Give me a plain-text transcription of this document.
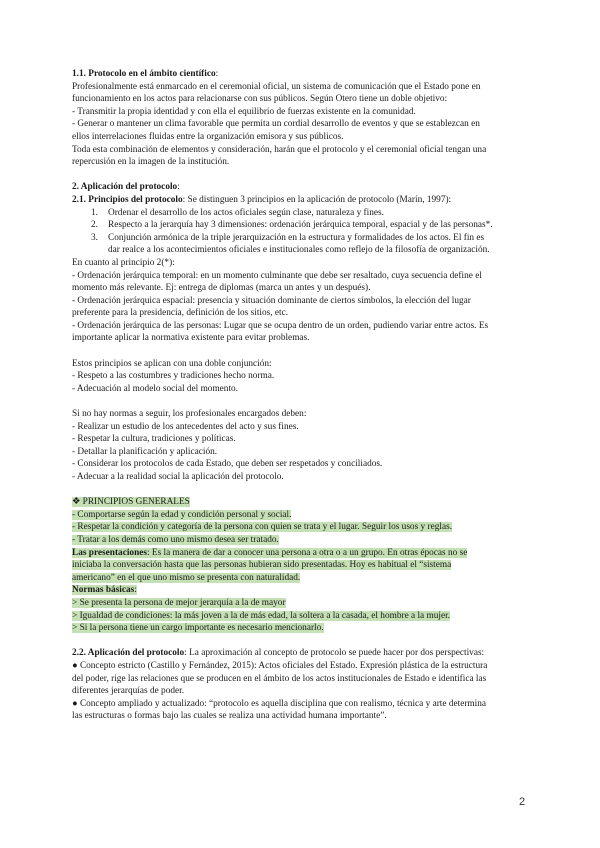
1.1. Protocolo en el ámbito científico:

Profesionalmente está enmarcado en el ceremonial oficial, un sistema de comunicación que el Estado pone en

funcionamiento en los actos para relacionarse con sus públicos. Según Otero tiene un doble objetivo:

- Transmitir la propia identidad y con ella el equilibrio de fuerzas existente en la comunidad.

- Generar o mantener un clima favorable que permita un cordial desarrollo de eventos y que se establezcan en

ellos interrelaciones fluidas entre la organización emisora y sus públicos.

Toda esta combinación de elementos y consideración, harán que el protocolo y el ceremonial oficial tengan una

repercusión en la imagen de la institución.

2. Aplicación del protocolo:

2.1. Principios del protocolo: Se distinguen 3 principios en la aplicación de protocolo (Marín, 1997):

1. Ordenar el desarrollo de los actos oficiales según clase, naturaleza y fines.
2. Respecto a la jerarquía hay 3 dimensiones: ordenación jerárquica temporal, espacial y de las personas*.
3. Conjunción armónica de la triple jerarquización en la estructura y formalidades de los actos. El fin es
dar realce a los acontecimientos oficiales e institucionales como reflejo de la filosofía de organización.

En cuanto al principio 2(*):

- Ordenación jerárquica temporal: en un momento culminante que debe ser resaltado, cuya secuencia define el

momento más relevante. Ej: entrega de diplomas (marca un antes y un después).

- Ordenación jerárquica espacial: presencia y situación dominante de ciertos símbolos, la elección del lugar

preferente para la presidencia, definición de los sitios, etc.

- Ordenación jerárquica de las personas: Lugar que se ocupa dentro de un orden, pudiendo variar entre actos. Es

importante aplicar la normativa existente para evitar problemas.

Estos principios se aplican con una doble conjunción:

- Respeto a las costumbres y tradiciones hecho norma.

- Adecuación al modelo social del momento.

Si no hay normas a seguir, los profesionales encargados deben:

- Realizar un estudio de los antecedentes del acto y sus fines.

- Respetar la cultura, tradiciones y políticas.

- Detallar la planificación y aplicación.

- Considerar los protocolos de cada Estado, que deben ser respetados y conciliados.

- Adecuar a la realidad social la aplicación del protocolo.

❖ PRINCIPIOS GENERALES

- Comportarse según la edad y condición personal y social.

- Respetar la condición y categoría de la persona con quien se trata y el lugar. Seguir los usos y reglas.

- Tratar a los demás como uno mismo desea ser tratado.

Las presentaciones: Es la manera de dar a conocer una persona a otra o a un grupo. En otras épocas no se

iniciaba la conversación hasta que las personas hubieran sido presentadas. Hoy es habitual el “sistema

americano” en el que uno mismo se presenta con naturalidad.

Normas básicas:

> Se presenta la persona de mejor jerarquía a la de mayor

> Igualdad de condiciones: la más joven a la de más edad, la soltera a la casada, el hombre a la mujer.

> Si la persona tiene un cargo importante es necesario mencionarlo.

2.2. Aplicación del protocolo: La aproximación al concepto de protocolo se puede hacer por dos perspectivas:

● Concepto estricto (Castillo y Fernández, 2015): Actos oficiales del Estado. Expresión plástica de la estructura

del poder, rige las relaciones que se producen en el ámbito de los actos institucionales de Estado e identifica las

diferentes jerarquías de poder.

● Concepto ampliado y actualizado: “protocolo es aquella disciplina que con realismo, técnica y arte determina

las estructuras o formas bajo las cuales se realiza una actividad humana importante”.

2
